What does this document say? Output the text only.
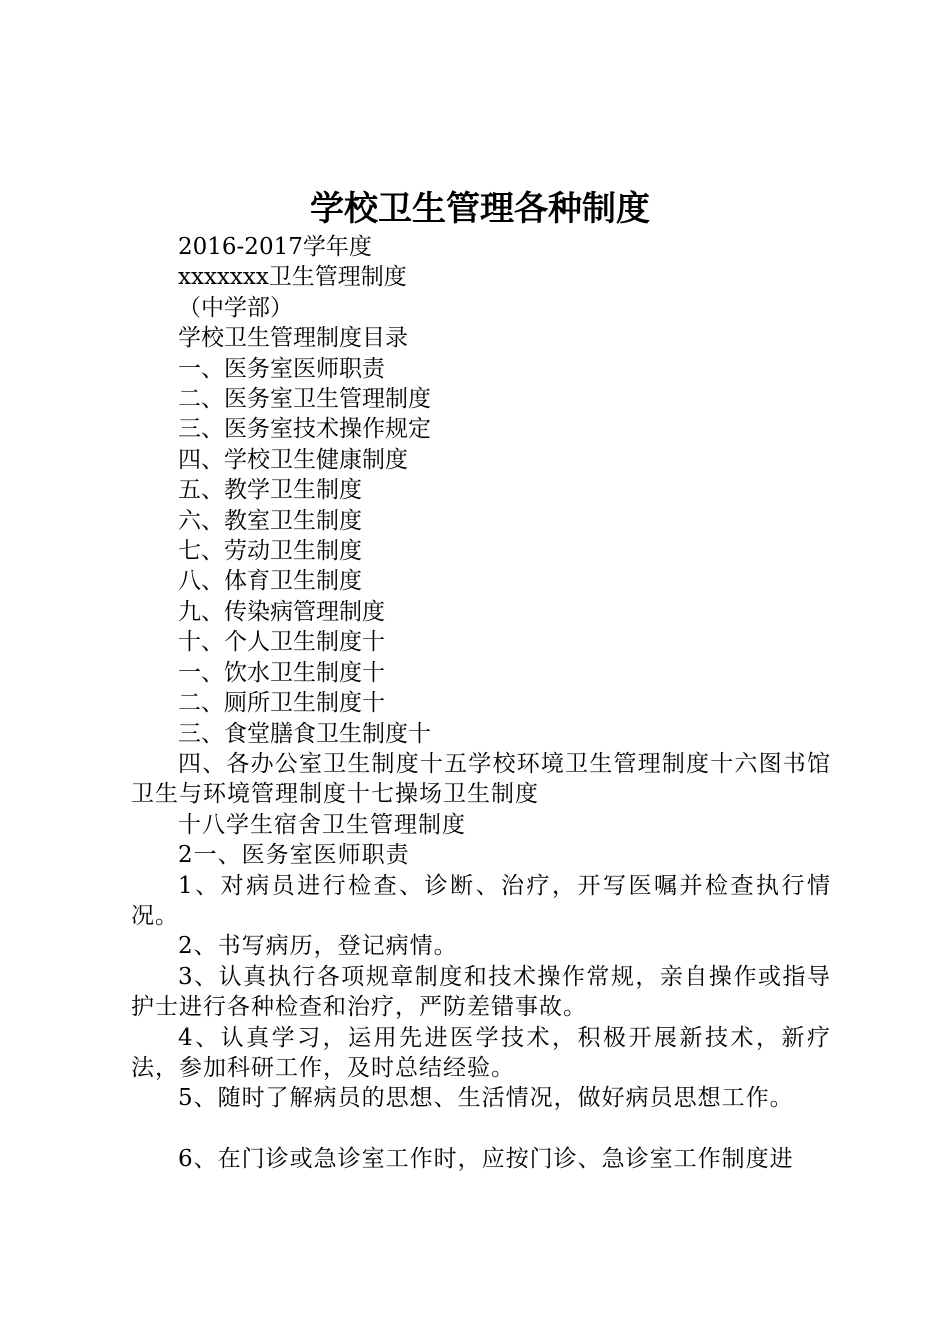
学校卫生管理各种制度
2016-2017学年度
xxxxxxx卫生管理制度
（中学部）
学校卫生管理制度目录
一、医务室医师职责
二、医务室卫生管理制度
三、医务室技术操作规定
四、学校卫生健康制度
五、教学卫生制度
六、教室卫生制度
七、劳动卫生制度
八、体育卫生制度
九、传染病管理制度
十、个人卫生制度十
一、饮水卫生制度十
二、厕所卫生制度十
三、食堂膳食卫生制度十

四、各办公室卫生制度十五学校环境卫生管理制度十六图书馆卫生与环境管理制度十七操场卫生制度

十八学生宿舍卫生管理制度

2一、医务室医师职责

1、对病员进行检查、诊断、治疗，开写医嘱并检查执行情况。

2、书写病历，登记病情。

3、认真执行各项规章制度和技术操作常规，亲自操作或指导护士进行各种检查和治疗，严防差错事故。

4、认真学习，运用先进医学技术，积极开展新技术，新疗法，参加科研工作，及时总结经验。

5、随时了解病员的思想、生活情况，做好病员思想工作。

6、在门诊或急诊室工作时，应按门诊、急诊室工作制度进
